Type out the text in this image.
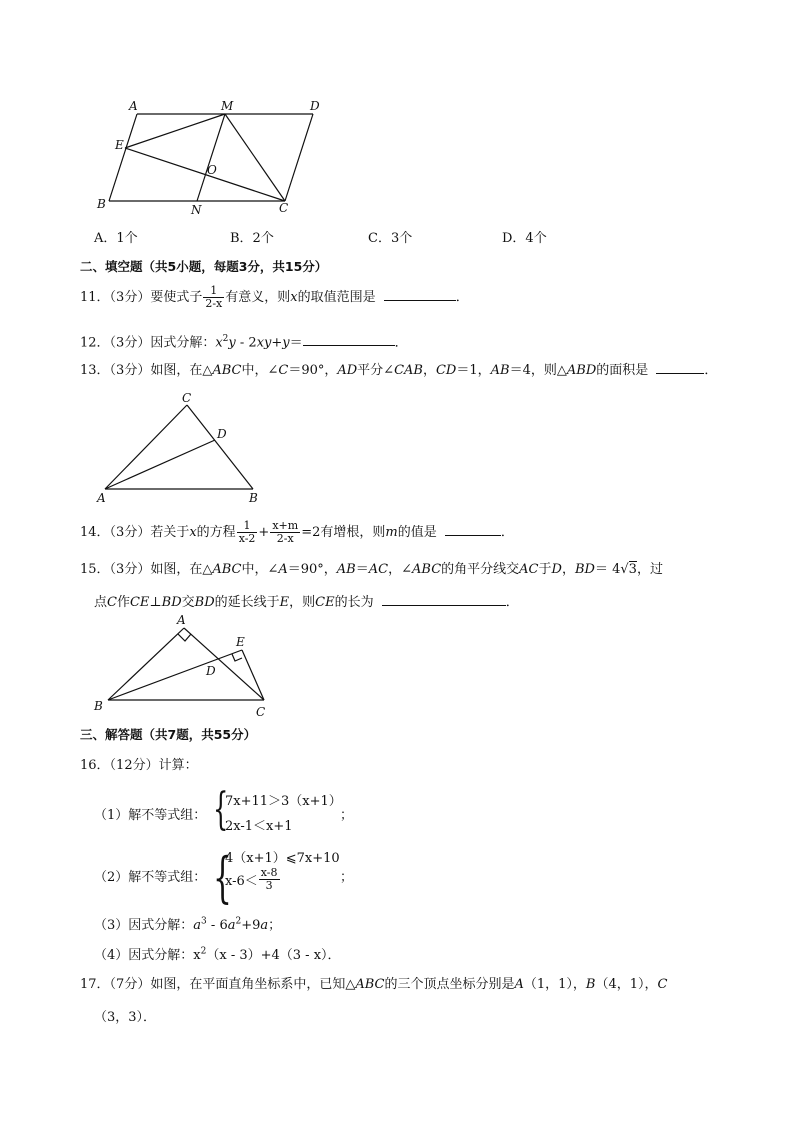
A	M	D
E
O
B	N	C
A．1个	B．2个	C．3个	D．4个
二、填空题（共5小题，每题3分，共15分）
11．（3分）要使式子 $\frac{1}{2-x}$ 有意义，则x的取值范围是	．
12．（3分）因式分解：$x^2y - 2xy+y=$	．
13．（3分）如图，在△ABC中，∠C＝90°，AD平分∠CAB，CD＝1，AB＝4，则△ABD的面积是	．
C
D
A	B
14．（3分）若关于x的方程 $\frac{1}{x-2} + \frac{x+m}{2-x} =2$有增根，则m的值是	．
15．（3分）如图，在△ABC中，∠A＝90°，AB＝AC，∠ABC的角平分线交AC于D，BD＝ 4√3，过
点C作CE⊥BD交BD的延长线于E，则CE的长为	．
A
E
D
B	C
三、解答题（共7题，共55分）
16．（12分）计算：
（1）解不等式组： {
7x+11＞3（x+1）
2x-1＜x+1
；
（2）解不等式组： {
4（x+1）⩽7x+10
$x-6< \frac{x-8}{3}$	；
（3）因式分解：$a^3 - 6a^2+9a$；
（4）因式分解：$x^2(x - 3)+4(3 - x)$．
17．（7分）如图，在平面直角坐标系中，已知△ABC的三个顶点坐标分别是A（1，1），B（4，1），C
（3，3）．
